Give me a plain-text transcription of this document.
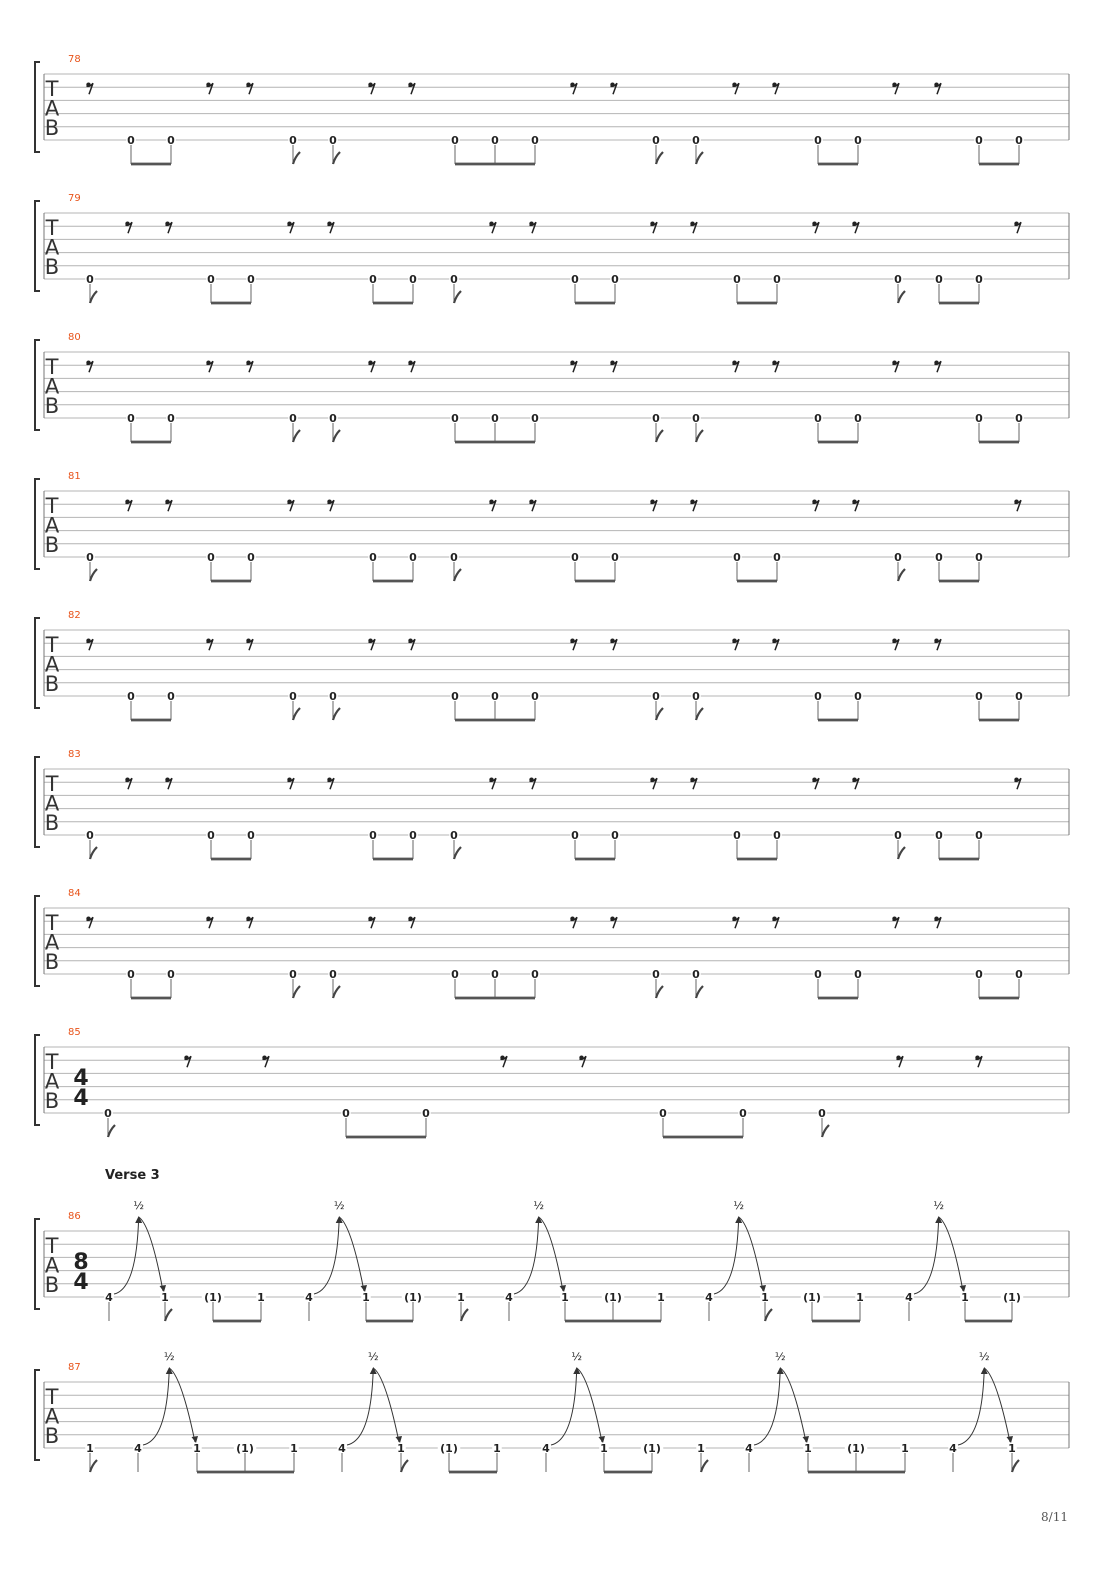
T
A
B
78
0	0	0	0	0	0	0	0	0	0	0	0	0
T
A
B
79
0	0	0	0	0	0	0	0	0	0	0	0	0
T
A
B
80
0	0	0	0	0	0	0	0	0	0	0	0	0
T
A
B
81
0	0	0	0	0	0	0	0	0	0	0	0	0
T
A
B
82
0	0	0	0	0	0	0	0	0	0	0	0	0
T
A
B
83
0	0	0	0	0	0	0	0	0	0	0	0	0
T
A
B
84
0	0	0	0	0	0	0	0	0	0	0	0	0
T
A
B
85
4
4
0	0	0	0	0	0
T
A
B
86
8
4
Verse 3
4	1	(1)	1	4	1	(1)	1	4	1	(1)	1	4	1	(1)	1	4	1	(1)
½	½	½	½	½
T
A
B
87
1	4	1	(1)	1	4	1	(1)	1	4	1	(1)	1	4	1	(1)	1	4	1
½	½	½	½	½
8/11
